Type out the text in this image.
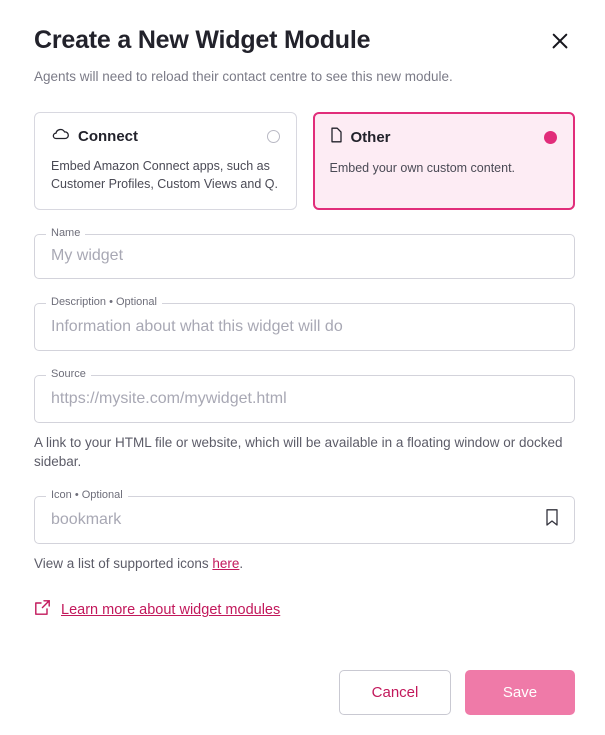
Create a New Widget Module

Agents will need to reload their contact centre to see this new module.

Connect
Embed Amazon Connect apps, such as Customer Profiles, Custom Views and Q.
Other
Embed your own custom content.
Name
My widget
Description • Optional
Information about what this widget will do
Source
https://mysite.com/mywidget.html
A link to your HTML file or website, which will be available in a floating window or docked sidebar.
Icon • Optional
bookmark
View a list of supported icons here.
Learn more about widget modules
Cancel	Save
